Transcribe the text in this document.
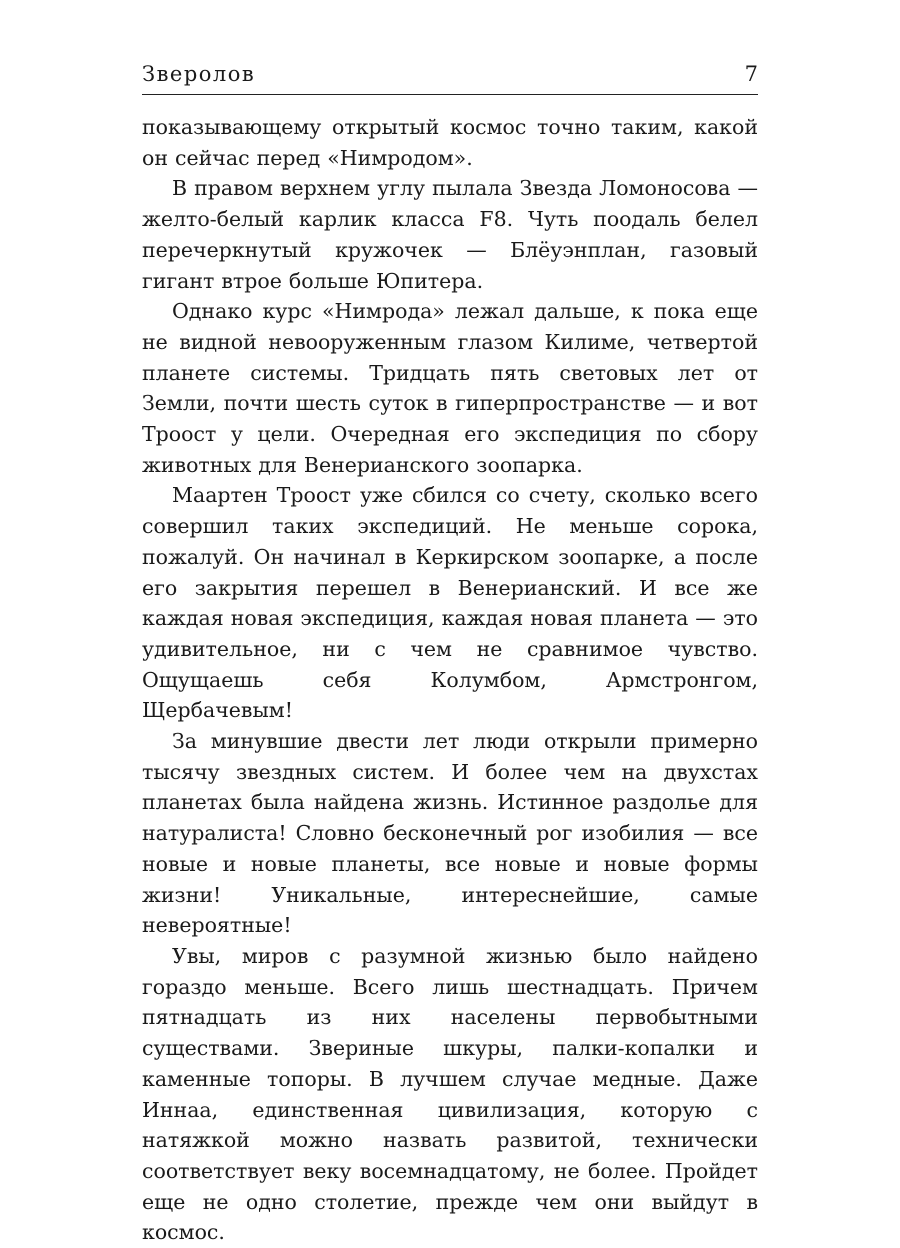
Зверолов	7

показывающему открытый космос точно таким, какой он сейчас перед «Нимродом».

В правом верхнем углу пылала Звезда Ломоносова — желто-белый карлик класса F8. Чуть поодаль белел перечеркнутый кружочек — Блёуэнплан, газовый гигант втрое больше Юпитера.

Однако курс «Нимрода» лежал дальше, к пока еще не видной невооруженным глазом Килиме, четвертой планете системы. Тридцать пять световых лет от Земли, почти шесть суток в гиперпространстве — и вот Троост у цели. Очередная его экспедиция по сбору животных для Венерианского зоопарка.

Маартен Троост уже сбился со счету, сколько всего совершил таких экспедиций. Не меньше сорока, пожалуй. Он начинал в Керкирском зоопарке, а после его закрытия перешел в Венерианский. И все же каждая новая экспедиция, каждая новая планета — это удивительное, ни с чем не сравнимое чувство. Ощущаешь себя Колумбом, Армстронгом, Щербачевым!

За минувшие двести лет люди открыли примерно тысячу звездных систем. И более чем на двухстах планетах была найдена жизнь. Истинное раздолье для натуралиста! Словно бесконечный рог изобилия — все новые и новые планеты, все новые и новые формы жизни! Уникальные, интереснейшие, самые невероятные!

Увы, миров с разумной жизнью было найдено гораздо меньше. Всего лишь шестнадцать. Причем пятнадцать из них населены первобытными существами. Звериные шкуры, палки-копалки и каменные топоры. В лучшем случае медные. Даже Иннаа, единственная цивилизация, которую с натяжкой можно назвать развитой, технически соответствует веку восемнадцатому, не более. Пройдет еще не одно столетие, прежде чем они выйдут в космос.
